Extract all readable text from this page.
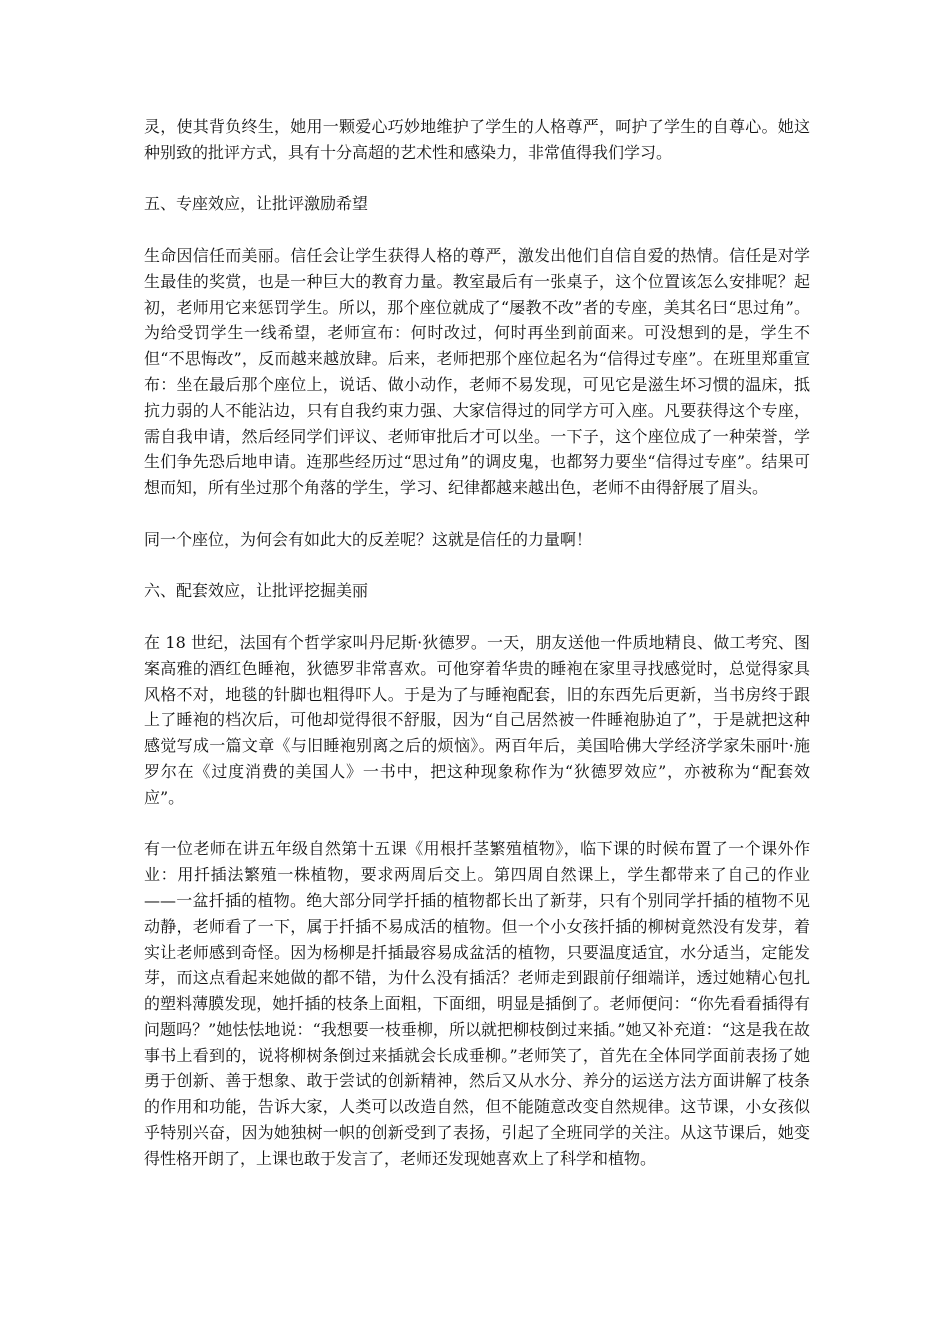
灵，使其背负终生，她用一颗爱心巧妙地维护了学生的人格尊严，呵护了学生的自尊心。她这种别致的批评方式，具有十分高超的艺术性和感染力，非常值得我们学习。

五、专座效应，让批评激励希望

生命因信任而美丽。信任会让学生获得人格的尊严，激发出他们自信自爱的热情。信任是对学生最佳的奖赏，也是一种巨大的教育力量。教室最后有一张桌子，这个位置该怎么安排呢？起初，老师用它来惩罚学生。所以，那个座位就成了“屡教不改”者的专座，美其名曰“思过角”。为给受罚学生一线希望，老师宣布：何时改过，何时再坐到前面来。可没想到的是，学生不但“不思悔改”，反而越来越放肆。后来，老师把那个座位起名为“信得过专座”。在班里郑重宣布：坐在最后那个座位上，说话、做小动作，老师不易发现，可见它是滋生坏习惯的温床，抵抗力弱的人不能沾边，只有自我约束力强、大家信得过的同学方可入座。凡要获得这个专座，需自我申请，然后经同学们评议、老师审批后才可以坐。一下子，这个座位成了一种荣誉，学生们争先恐后地申请。连那些经历过“思过角”的调皮鬼，也都努力要坐“信得过专座”。结果可想而知，所有坐过那个角落的学生，学习、纪律都越来越出色，老师不由得舒展了眉头。

同一个座位，为何会有如此大的反差呢？这就是信任的力量啊！

六、配套效应，让批评挖掘美丽

在 18 世纪，法国有个哲学家叫丹尼斯·狄德罗。一天，朋友送他一件质地精良、做工考究、图案高雅的酒红色睡袍，狄德罗非常喜欢。可他穿着华贵的睡袍在家里寻找感觉时，总觉得家具风格不对，地毯的针脚也粗得吓人。于是为了与睡袍配套，旧的东西先后更新，当书房终于跟上了睡袍的档次后，可他却觉得很不舒服，因为“自己居然被一件睡袍胁迫了”，于是就把这种感觉写成一篇文章《与旧睡袍别离之后的烦恼》。两百年后，美国哈佛大学经济学家朱丽叶·施罗尔在《过度消费的美国人》一书中，把这种现象称作为“狄德罗效应”，亦被称为“配套效应”。

有一位老师在讲五年级自然第十五课《用根扦茎繁殖植物》，临下课的时候布置了一个课外作业：用扦插法繁殖一株植物，要求两周后交上。第四周自然课上，学生都带来了自己的作业——一盆扦插的植物。绝大部分同学扦插的植物都长出了新芽，只有个别同学扦插的植物不见动静，老师看了一下，属于扦插不易成活的植物。但一个小女孩扦插的柳树竟然没有发芽，着实让老师感到奇怪。因为杨柳是扦插最容易成盆活的植物，只要温度适宜，水分适当，定能发芽，而这点看起来她做的都不错，为什么没有插活？老师走到跟前仔细端详，透过她精心包扎的塑料薄膜发现，她扦插的枝条上面粗，下面细，明显是插倒了。老师便问：“你先看看插得有问题吗？”她怯怯地说：“我想要一枝垂柳，所以就把柳枝倒过来插。”她又补充道：“这是我在故事书上看到的，说将柳树条倒过来插就会长成垂柳。”老师笑了，首先在全体同学面前表扬了她勇于创新、善于想象、敢于尝试的创新精神，然后又从水分、养分的运送方法方面讲解了枝条的作用和功能，告诉大家，人类可以改造自然，但不能随意改变自然规律。这节课，小女孩似乎特别兴奋，因为她独树一帜的创新受到了表扬，引起了全班同学的关注。从这节课后，她变得性格开朗了，上课也敢于发言了，老师还发现她喜欢上了科学和植物。
